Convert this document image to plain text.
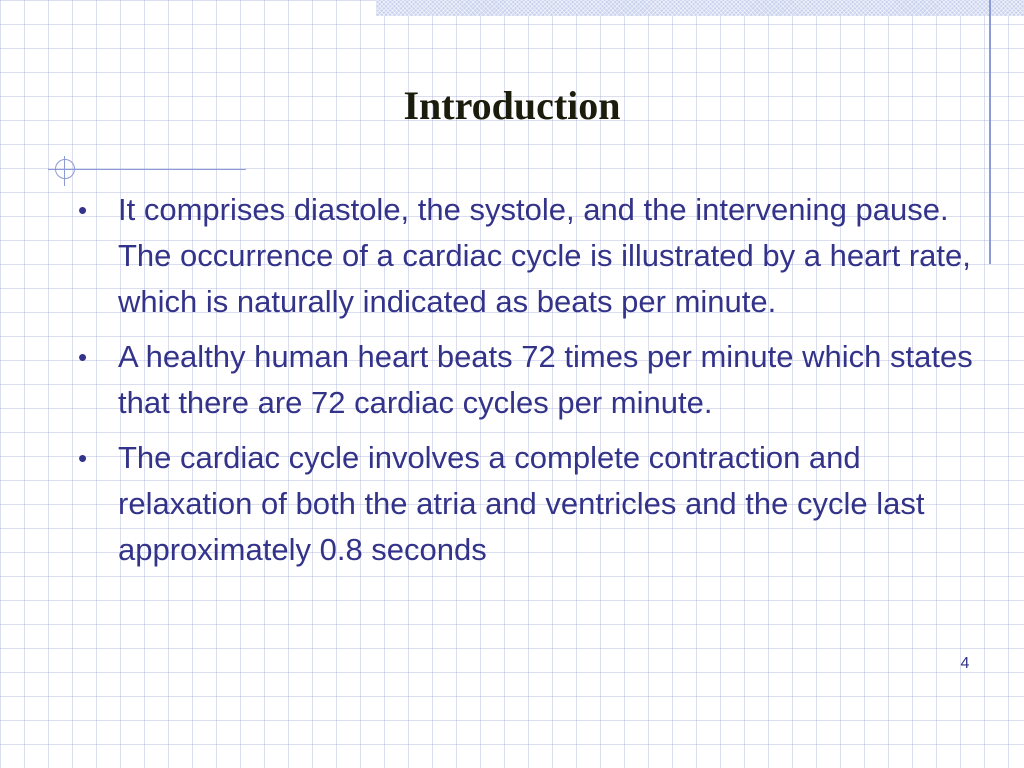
Introduction
• It comprises diastole, the systole, and the intervening pause. The occurrence of a cardiac cycle is illustrated by a heart rate, which is naturally indicated as beats per minute.
• A healthy human heart beats 72 times per minute which states that there are 72 cardiac cycles per minute.
• The cardiac cycle involves a complete contraction and relaxation of both the atria and ventricles and the cycle last approximately 0.8 seconds
4
